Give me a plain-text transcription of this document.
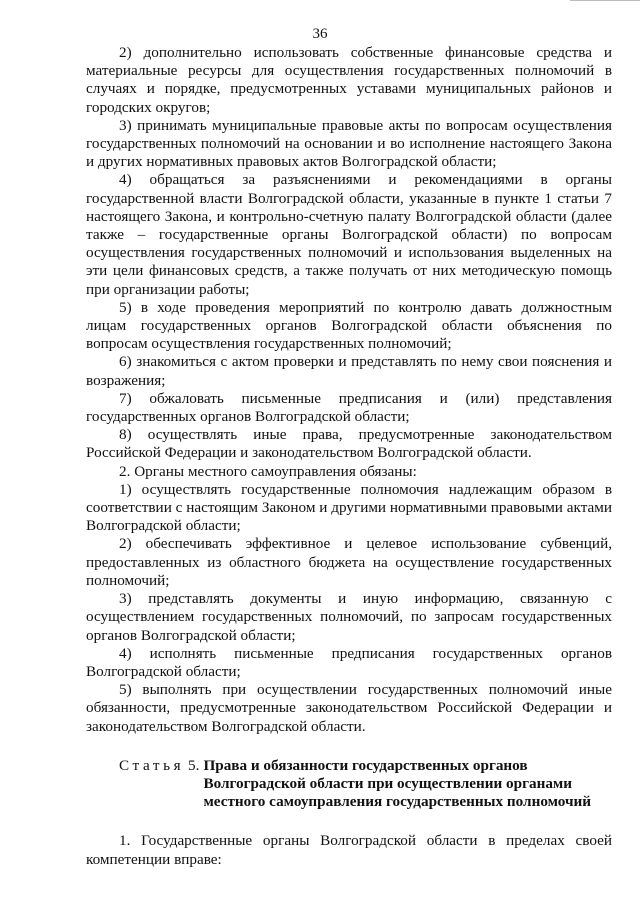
36

2) дополнительно использовать собственные финансовые средства и материальные ресурсы для осуществления государственных полномочий в случаях и порядке, предусмотренных уставами муниципальных районов и городских округов;

3) принимать муниципальные правовые акты по вопросам осуществления государственных полномочий на основании и во исполнение настоящего Закона и других нормативных правовых актов Волгоградской области;

4) обращаться за разъяснениями и рекомендациями в органы государственной власти Волгоградской области, указанные в пункте 1 статьи 7 настоящего Закона, и контрольно-счетную палату Волгоградской области (далее также – государственные органы Волгоградской области) по вопросам осуществления государственных полномочий и использования выделенных на эти цели финансовых средств, а также получать от них методическую помощь при организации работы;

5) в ходе проведения мероприятий по контролю давать должностным лицам государственных органов Волгоградской области объяснения по вопросам осуществления государственных полномочий;

6) знакомиться с актом проверки и представлять по нему свои пояснения и возражения;

7) обжаловать письменные предписания и (или) представления государственных органов Волгоградской области;

8) осуществлять иные права, предусмотренные законодательством Российской Федерации и законодательством Волгоградской области.

2. Органы местного самоуправления обязаны:

1) осуществлять государственные полномочия надлежащим образом в соответствии с настоящим Законом и другими нормативными правовыми актами Волгоградской области;

2) обеспечивать эффективное и целевое использование субвенций, предоставленных из областного бюджета на осуществление государственных полномочий;

3) представлять документы и иную информацию, связанную с осуществлением государственных полномочий, по запросам государственных органов Волгоградской области;

4) исполнять письменные предписания государственных органов Волгоградской области;

5) выполнять при осуществлении государственных полномочий иные обязанности, предусмотренные законодательством Российской Федерации и законодательством Волгоградской области.

Статья 5. Права и обязанности государственных органов Волгоградской области при осуществлении органами местного самоуправления государственных полномочий

1. Государственные органы Волгоградской области в пределах своей компетенции вправе:
